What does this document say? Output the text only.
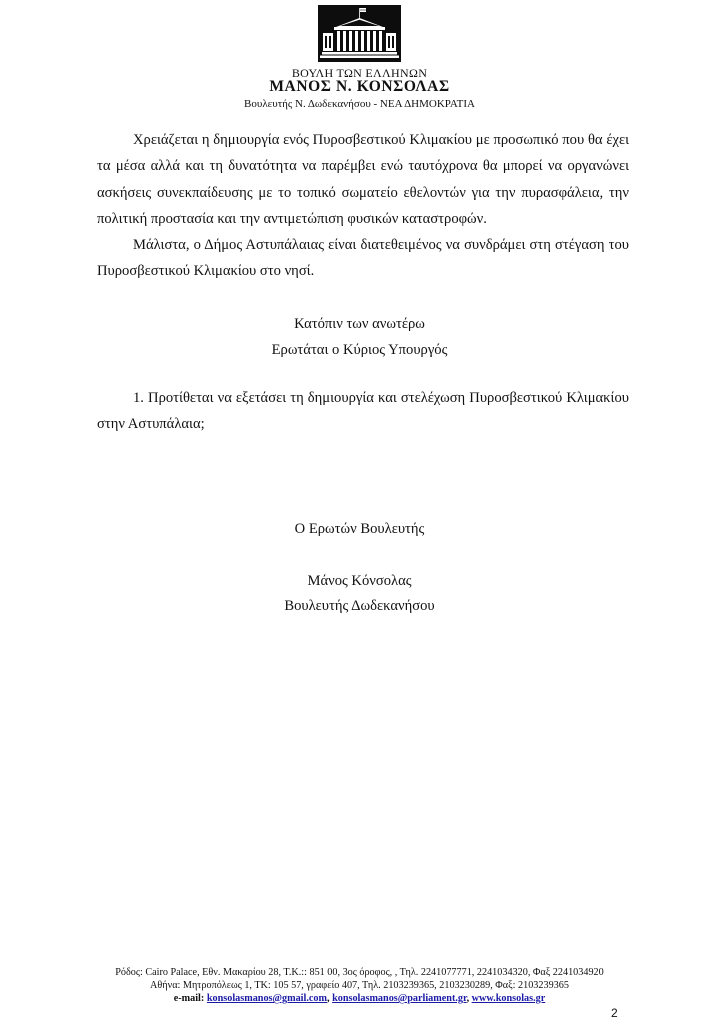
ΒΟΥΛΗ ΤΩΝ ΕΛΛΗΝΩΝ
ΜΑΝΟΣ Ν. ΚΟΝΣΟΛΑΣ
Βουλευτής Ν. Δωδεκανήσου - ΝΕΑ ΔΗΜΟΚΡΑΤΙΑ

Χρειάζεται η δημιουργία ενός Πυροσβεστικού Κλιμακίου με προσωπικό που θα έχει τα μέσα αλλά και τη δυνατότητα να παρέμβει ενώ ταυτόχρονα θα μπορεί να οργανώνει ασκήσεις συνεκπαίδευσης με το τοπικό σωματείο εθελοντών για την πυρασφάλεια, την πολιτική προστασία και την αντιμετώπιση φυσικών καταστροφών.

Μάλιστα, ο Δήμος Αστυπάλαιας είναι διατεθειμένος να συνδράμει στη στέγαση του Πυροσβεστικού Κλιμακίου στο νησί.

Κατόπιν των ανωτέρω
Ερωτάται ο Κύριος Υπουργός
1. Προτίθεται να εξετάσει τη δημιουργία και στελέχωση Πυροσβεστικού Κλιμακίου στην Αστυπάλαια;
Ο Ερωτών Βουλευτής
Μάνος Κόνσολας
Βουλευτής Δωδεκανήσου
Ρόδος: Cairo Palace, Εθν. Μακαρίου 28, Τ.Κ.:: 851 00, 3ος όροφος, , Τηλ. 2241077771, 2241034320, Φαξ 2241034920
Αθήνα: Μητροπόλεως 1, ΤΚ: 105 57, γραφείο 407, Τηλ. 2103239365, 2103230289, Φαξ: 2103239365
e-mail: konsolasmanos@gmail.com, konsolasmanos@parliament.gr, www.konsolas.gr
2
